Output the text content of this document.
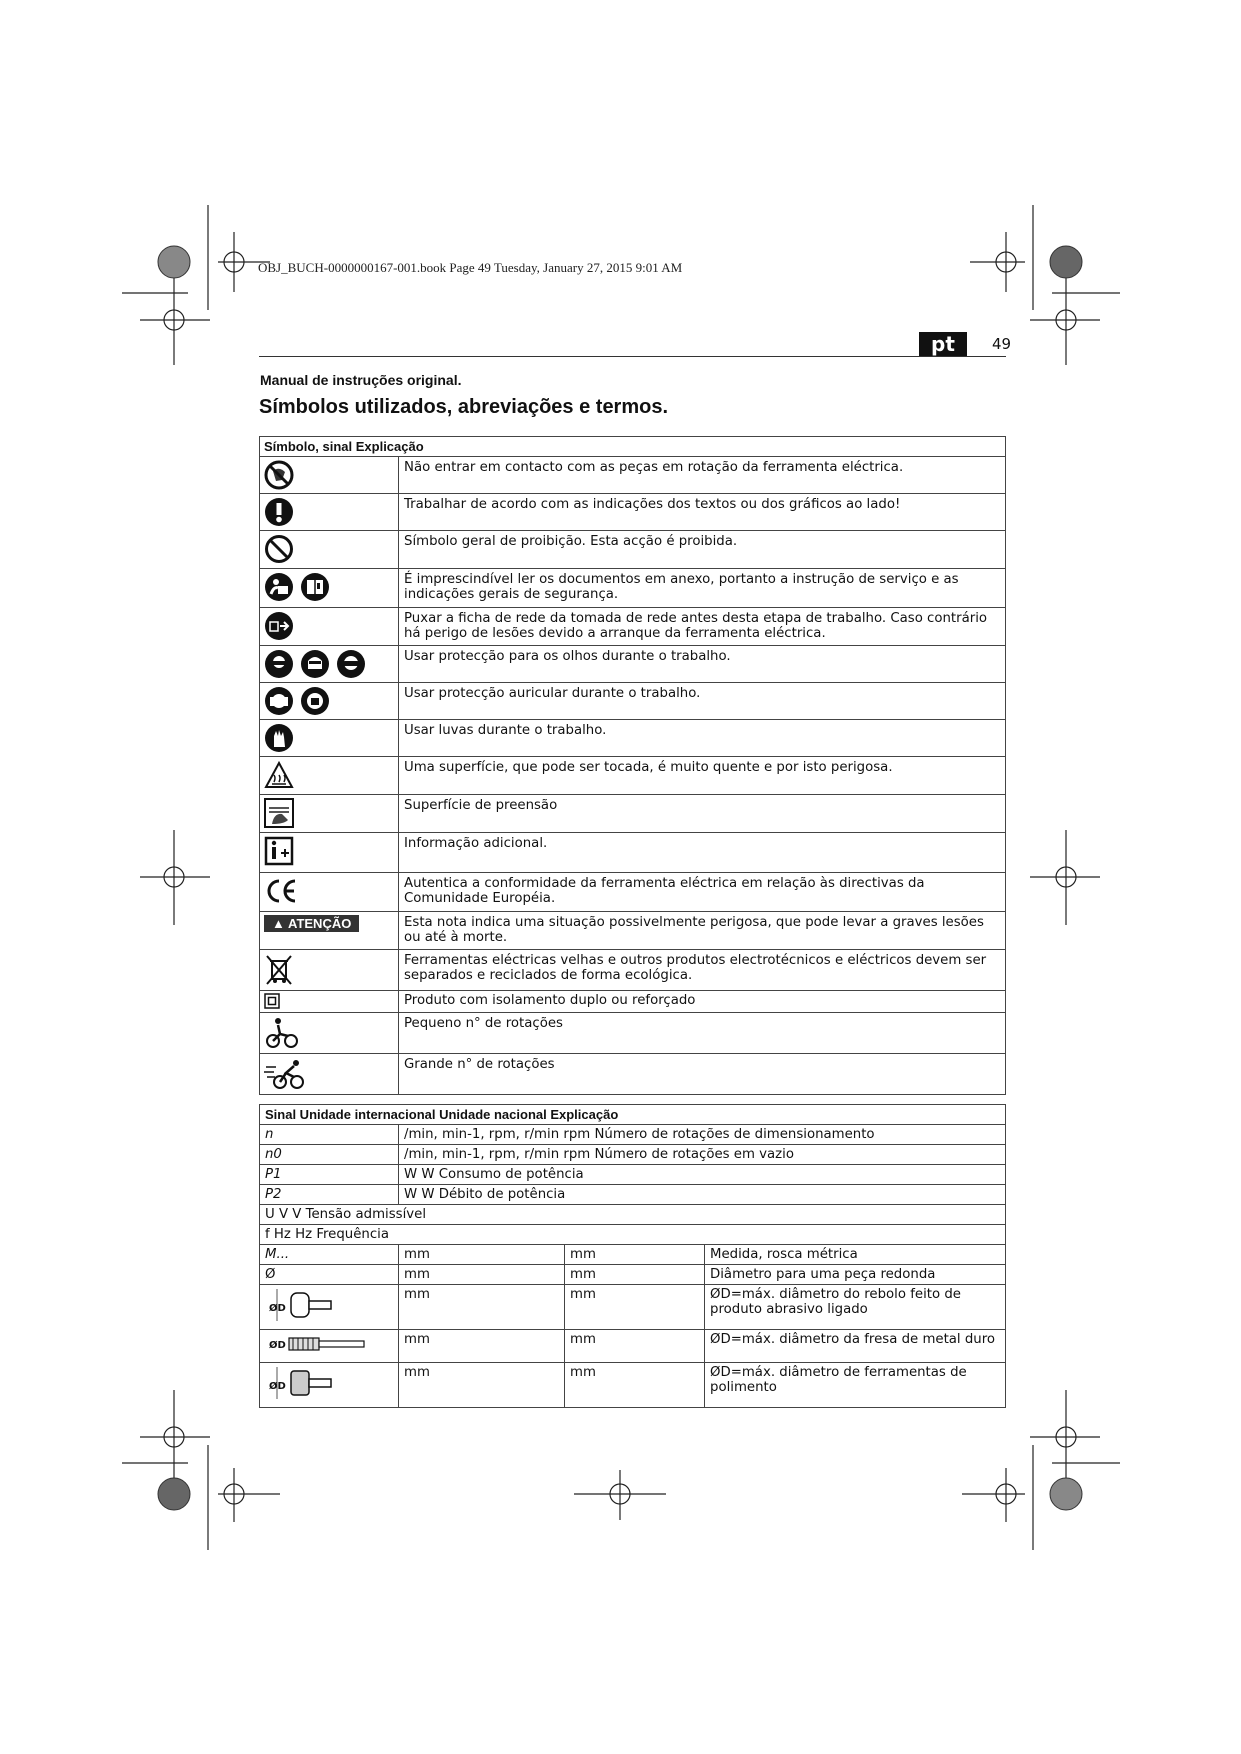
OBJ_BUCH-0000000167-001.book Page 49 Tuesday, January 27, 2015 9:01 AM
pt	49
Manual de instruções original.
Símbolos utilizados, abreviações e termos.
Símbolo, sinal Explicação	

	Não entrar em contacto com as peças em rotação da ferramenta eléctrica.

	Trabalhar de acordo com as indicações dos textos ou dos gráficos ao lado!

	Símbolo geral de proibição. Esta acção é proibida.

	É imprescindível ler os documentos em anexo, portanto a instrução de serviço e as indicações gerais de segurança.

	Puxar a ficha de rede da tomada de rede antes desta etapa de trabalho. Caso contrário há perigo de lesões devido a arranque da ferramenta eléctrica.

	Usar protecção para os olhos durante o trabalho.

	Usar protecção auricular durante o trabalho.

	Usar luvas durante o trabalho.

	Uma superfície, que pode ser tocada, é muito quente e por isto perigosa.

	Superfície de preensão

	Informação adicional.

	Autentica a conformidade da ferramenta eléctrica em relação às directivas da Comunidade Européia.
▲ ATENÇÃO	Esta nota indica uma situação possivelmente perigosa, que pode levar a graves lesões ou até à morte.

	Ferramentas eléctricas velhas e outros produtos electrotécnicos e eléctricos devem ser separados e reciclados de forma ecológica.

	Produto com isolamento duplo ou reforçado

	Pequeno n° de rotações

	Grande n° de rotações
Sinal Unidade internacional Unidade nacional Explicação			
n	/min, min-1, rpm, r/min rpm Número de rotações de dimensionamento		
n0	/min, min-1, rpm, r/min rpm Número de rotações em vazio		
P1	W W Consumo de potência		
P2	W W Débito de potência		
U V V Tensão admissível			
f Hz Hz Frequência			
M...	mm	mm	Medida, rosca métrica
Ø	mm	mm	Diâmetro para uma peça redonda

ØD	mm	mm	ØD=máx. diâmetro do rebolo feito de produto abrasivo ligado

ØD	mm	mm	ØD=máx. diâmetro da fresa de metal duro

ØD	mm	mm	ØD=máx. diâmetro de ferramentas de polimento
